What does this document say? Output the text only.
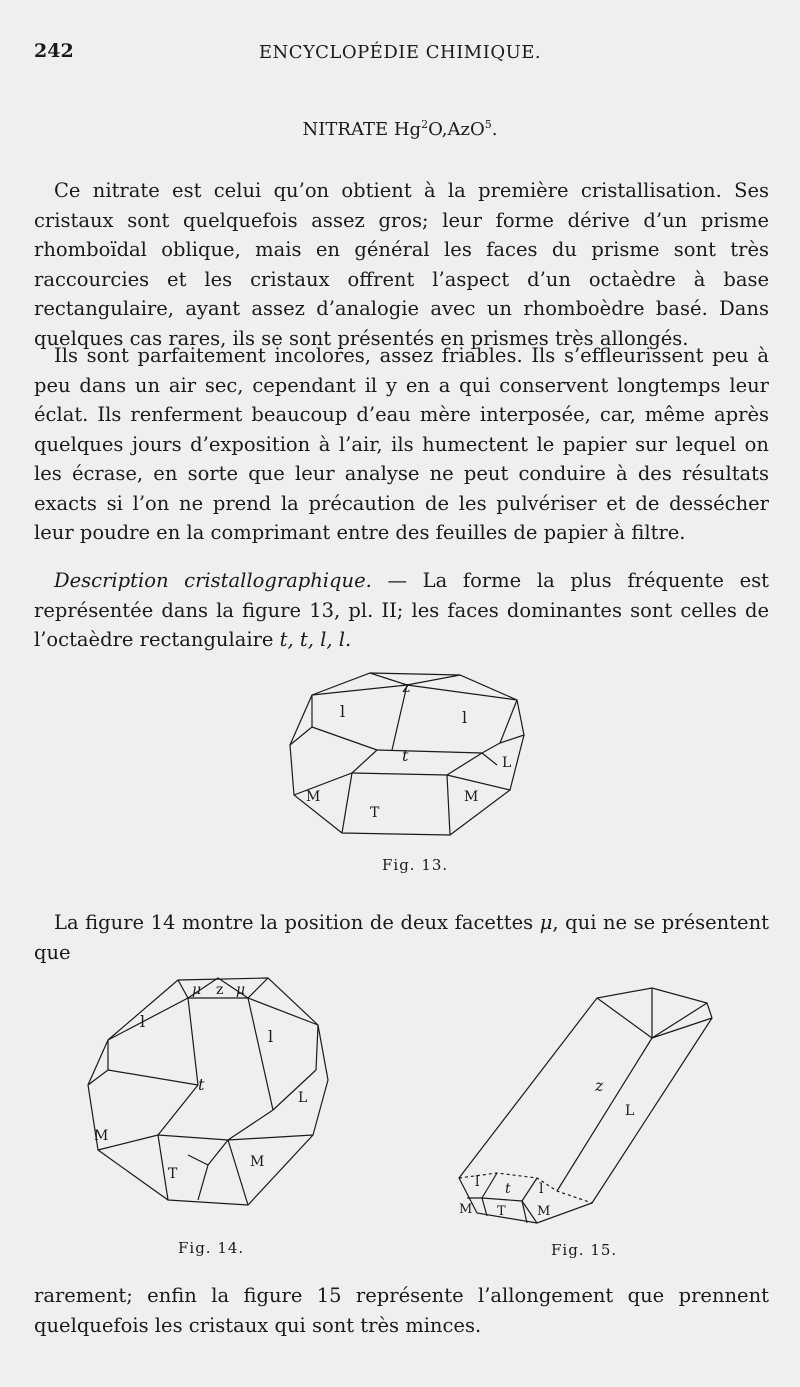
242	ENCYCLOPÉDIE CHIMIQUE.
NITRATE Hg$^2$O,AzO$^5$.
Ce nitrate est celui qu’on obtient à la première cristallisation. Ses cristaux sont quelquefois assez gros; leur forme dérive d’un prisme rhomboïdal oblique, mais en général les faces du prisme sont très raccourcies et les cristaux offrent l’aspect d’un octaèdre à base rectangulaire, ayant assez d’analogie avec un rhomboèdre basé. Dans quelques cas rares, ils se sont présentés en prismes très allongés.
Ils sont parfaitement incolores, assez friables. Ils s’effleurissent peu à peu dans un air sec, cependant il y en a qui conservent longtemps leur éclat. Ils renferment beaucoup d’eau mère interposée, car, même après quelques jours d’exposition à l’air, ils humectent le papier sur lequel on les écrase, en sorte que leur analyse ne peut conduire à des résultats exacts si l’on ne prend la précaution de les pulvériser et de dessécher leur poudre en la comprimant entre des feuilles de papier à filtre.
Description cristallographique. — La forme la plus fréquente est représentée dans la figure 13, pl. II; les faces dominantes sont celles de l’octaèdre rectangulaire t, t, l, l.
z
l	l
t	L
M	M
T
Fig. 13.
La figure 14 montre la position de deux facettes μ, qui ne se présentent que
μ z μ
l
l
t
L
M
M
T
Fig. 14.
z
L
l t l
M T M
Fig. 15.
rarement; enfin la figure 15 représente l’allongement que prennent quelquefois les cristaux qui sont très minces.
